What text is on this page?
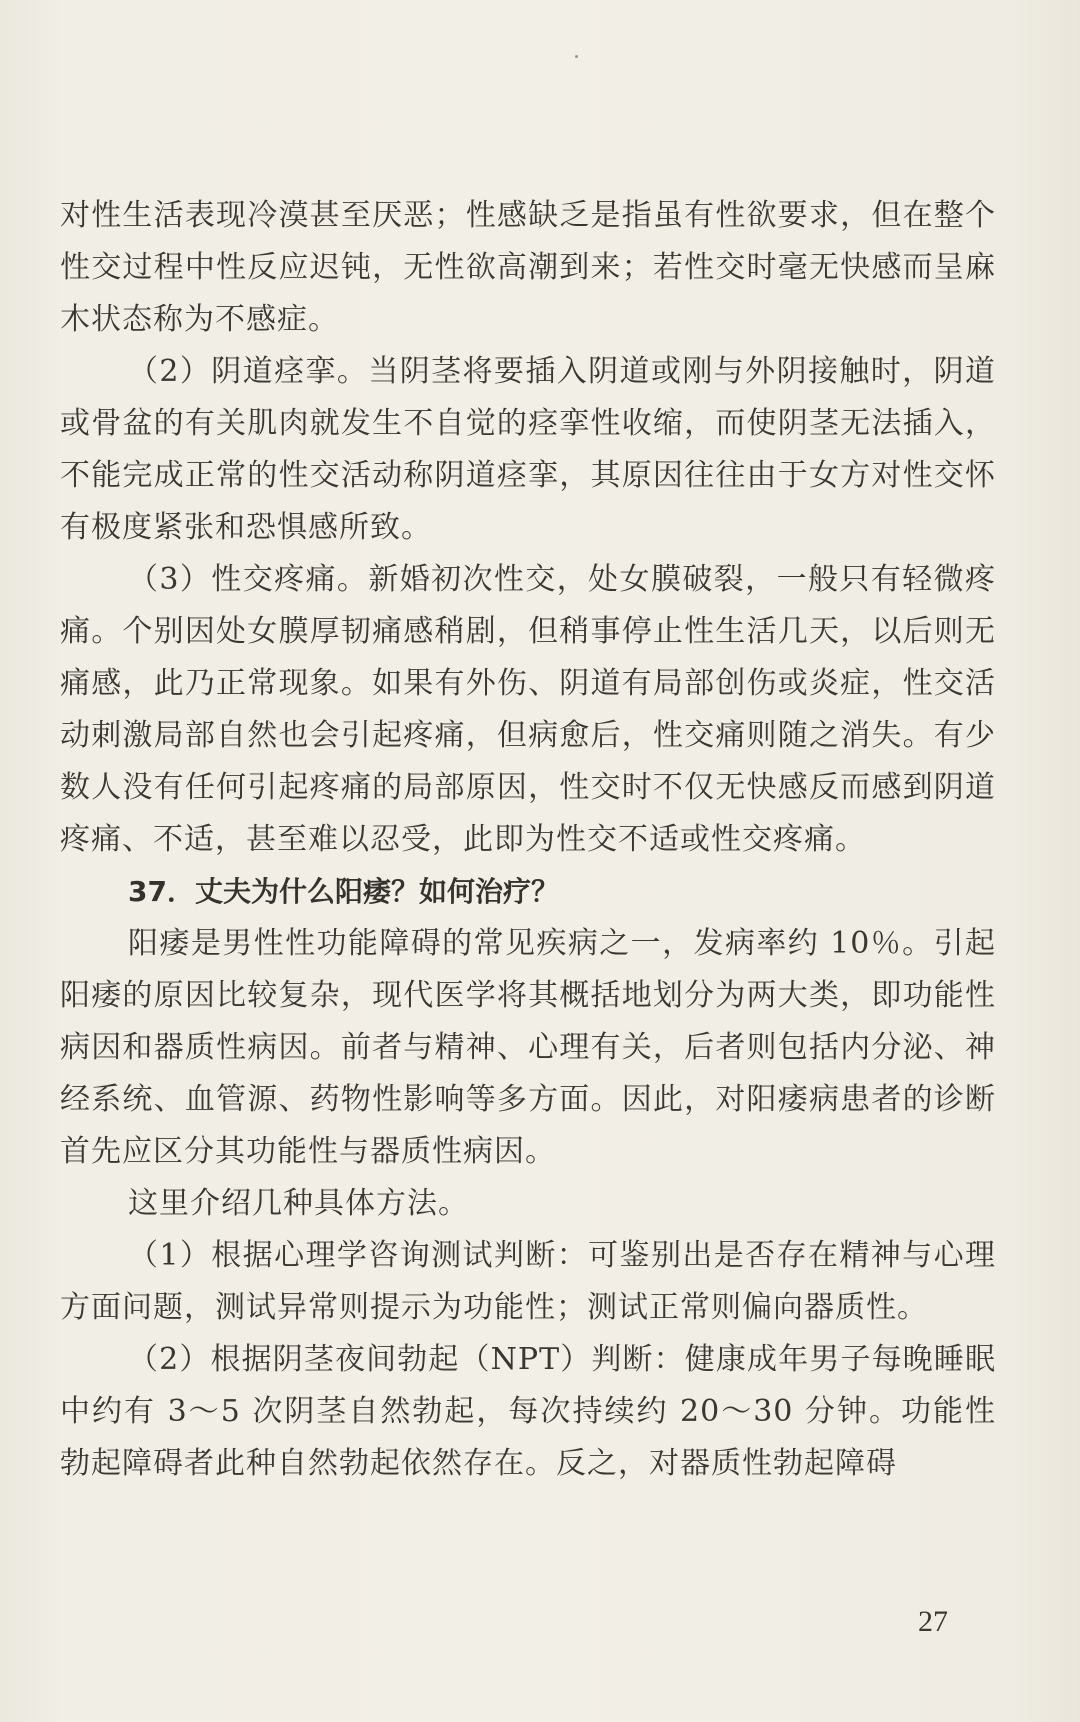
对性生活表现冷漠甚至厌恶；性感缺乏是指虽有性欲要求，但在整个性交过程中性反应迟钝，无性欲高潮到来；若性交时毫无快感而呈麻木状态称为不感症。

（2）阴道痉挛。当阴茎将要插入阴道或刚与外阴接触时，阴道或骨盆的有关肌肉就发生不自觉的痉挛性收缩，而使阴茎无法插入，不能完成正常的性交活动称阴道痉挛，其原因往往由于女方对性交怀有极度紧张和恐惧感所致。

（3）性交疼痛。新婚初次性交，处女膜破裂，一般只有轻微疼痛。个别因处女膜厚韧痛感稍剧，但稍事停止性生活几天，以后则无痛感，此乃正常现象。如果有外伤、阴道有局部创伤或炎症，性交活动刺激局部自然也会引起疼痛，但病愈后，性交痛则随之消失。有少数人没有任何引起疼痛的局部原因，性交时不仅无快感反而感到阴道疼痛、不适，甚至难以忍受，此即为性交不适或性交疼痛。

37．丈夫为什么阳痿？如何治疗？

阳痿是男性性功能障碍的常见疾病之一，发病率约 10％。引起阳痿的原因比较复杂，现代医学将其概括地划分为两大类，即功能性病因和器质性病因。前者与精神、心理有关，后者则包括内分泌、神经系统、血管源、药物性影响等多方面。因此，对阳痿病患者的诊断首先应区分其功能性与器质性病因。

这里介绍几种具体方法。

（1）根据心理学咨询测试判断：可鉴别出是否存在精神与心理方面问题，测试异常则提示为功能性；测试正常则偏向器质性。

（2）根据阴茎夜间勃起（NPT）判断：健康成年男子每晚睡眠中约有 3～5 次阴茎自然勃起，每次持续约 20～30 分钟。功能性勃起障碍者此种自然勃起依然存在。反之，对器质性勃起障碍

27
